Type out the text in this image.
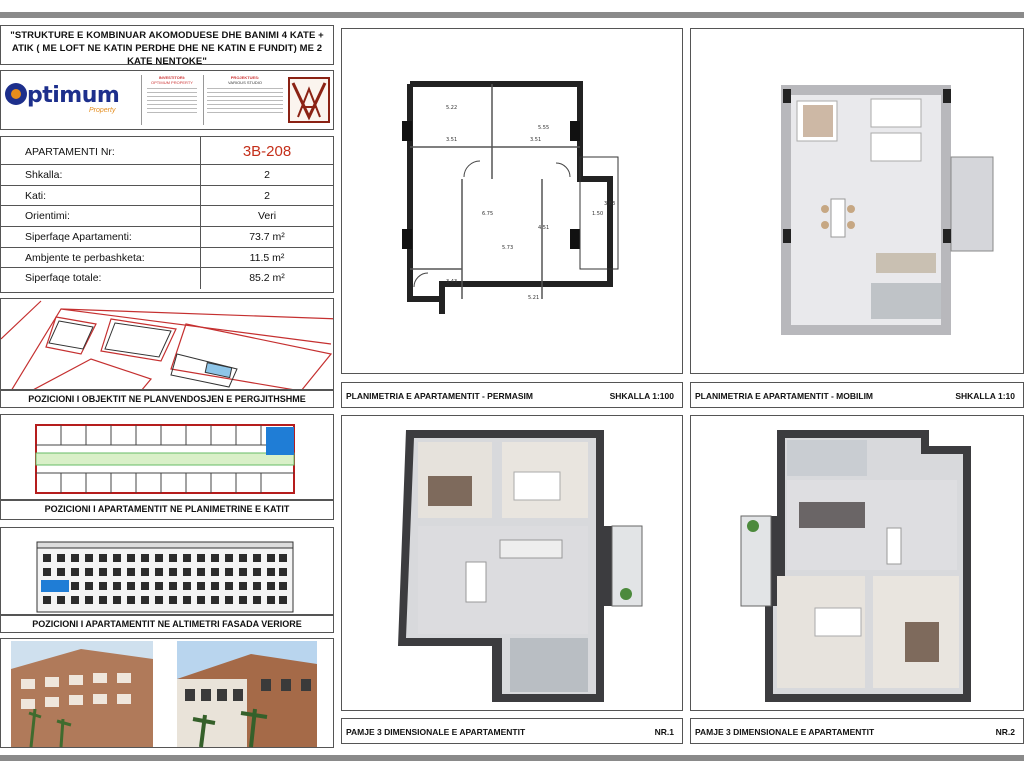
"STRUKTURE E KOMBINUAR AKOMODUESE DHE BANIMI 4 KATE + ATIK ( ME LOFT NE KATIN PERDHE DHE NE KATIN E FUNDIT) ME 2 KATE NENTOKE"
ptimum
Property
INVESTITORI:
OPTIMUM PROPERTY
PROJEKTUES:
VARIOUS STUDIO
APARTAMENTI Nr:	3B-208
Shkalla:	2
Kati:	2
Orientimi:	Veri
Siperfaqe Apartamenti:	73.7 m²
Ambjente te perbashketa:	11.5 m²
Siperfaqe totale:	85.2 m²
POZICIONI I OBJEKTIT NE PLANVENDOSJEN E PERGJITHSHME
POZICIONI I APARTAMENTIT NE PLANIMETRINE E KATIT
POZICIONI I APARTAMENTIT NE ALTIMETRI FASADA VERIORE
5.22
3.51	3.51
5.55
6.75
5.73
4.51
3.43
5.21
1.50
3.83
PLANIMETRIA E APARTAMENTIT - PERMASIM	SHKALLA 1:100 PLANIMETRIA E APARTAMENTIT - MOBILIM	SHKALLA 1:10
PAMJE 3 DIMENSIONALE E APARTAMENTIT	NR.1 PAMJE 3 DIMENSIONALE E APARTAMENTIT	NR.2
